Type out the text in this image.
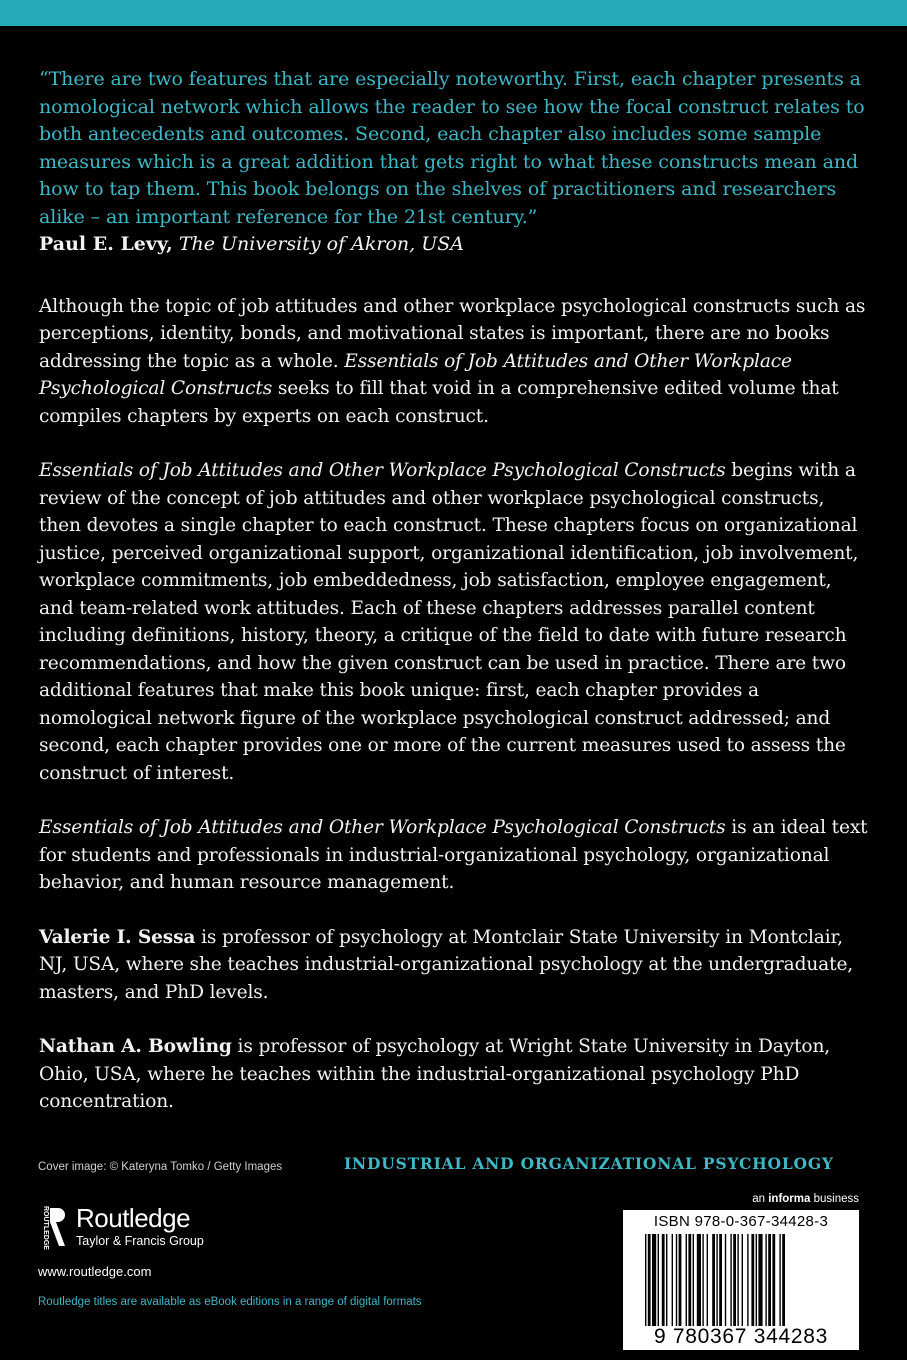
“There are two features that are especially noteworthy. First, each chapter presents a nomological network which allows the reader to see how the focal construct relates to both antecedents and outcomes. Second, each chapter also includes some sample measures which is a great addition that gets right to what these constructs mean and how to tap them. This book belongs on the shelves of practitioners and researchers alike – an important reference for the 21st century.”

Paul E. Levy, The University of Akron, USA

Although the topic of job attitudes and other workplace psychological constructs such as perceptions, identity, bonds, and motivational states is important, there are no books addressing the topic as a whole. Essentials of Job Attitudes and Other Workplace Psychological Constructs seeks to fill that void in a comprehensive edited volume that compiles chapters by experts on each construct.

Essentials of Job Attitudes and Other Workplace Psychological Constructs begins with a review of the concept of job attitudes and other workplace psychological constructs, then devotes a single chapter to each construct. These chapters focus on organizational justice, perceived organizational support, organizational identification, job involvement, workplace commitments, job embeddedness, job satisfaction, employee engagement, and team-related work attitudes. Each of these chapters addresses parallel content including definitions, history, theory, a critique of the field to date with future research recommendations, and how the given construct can be used in practice. There are two additional features that make this book unique: first, each chapter provides a nomological network figure of the workplace psychological construct addressed; and second, each chapter provides one or more of the current measures used to assess the construct of interest.

Essentials of Job Attitudes and Other Workplace Psychological Constructs is an ideal text for students and professionals in industrial-organizational psychology, organizational behavior, and human resource management.

Valerie I. Sessa is professor of psychology at Montclair State University in Montclair, NJ, USA, where she teaches industrial-organizational psychology at the undergraduate, masters, and PhD levels.

Nathan A. Bowling is professor of psychology at Wright State University in Dayton, Ohio, USA, where he teaches within the industrial-organizational psychology PhD concentration.

Cover image: © Kateryna Tomko / Getty Images	INDUSTRIAL AND ORGANIZATIONAL PSYCHOLOGY
ROUTLEDGE Routledge
Taylor & Francis Group
www.routledge.com
Routledge titles are available as eBook editions in a range of digital formats
an informa business
ISBN 978-0-367-34428-3
9 780367 344283
